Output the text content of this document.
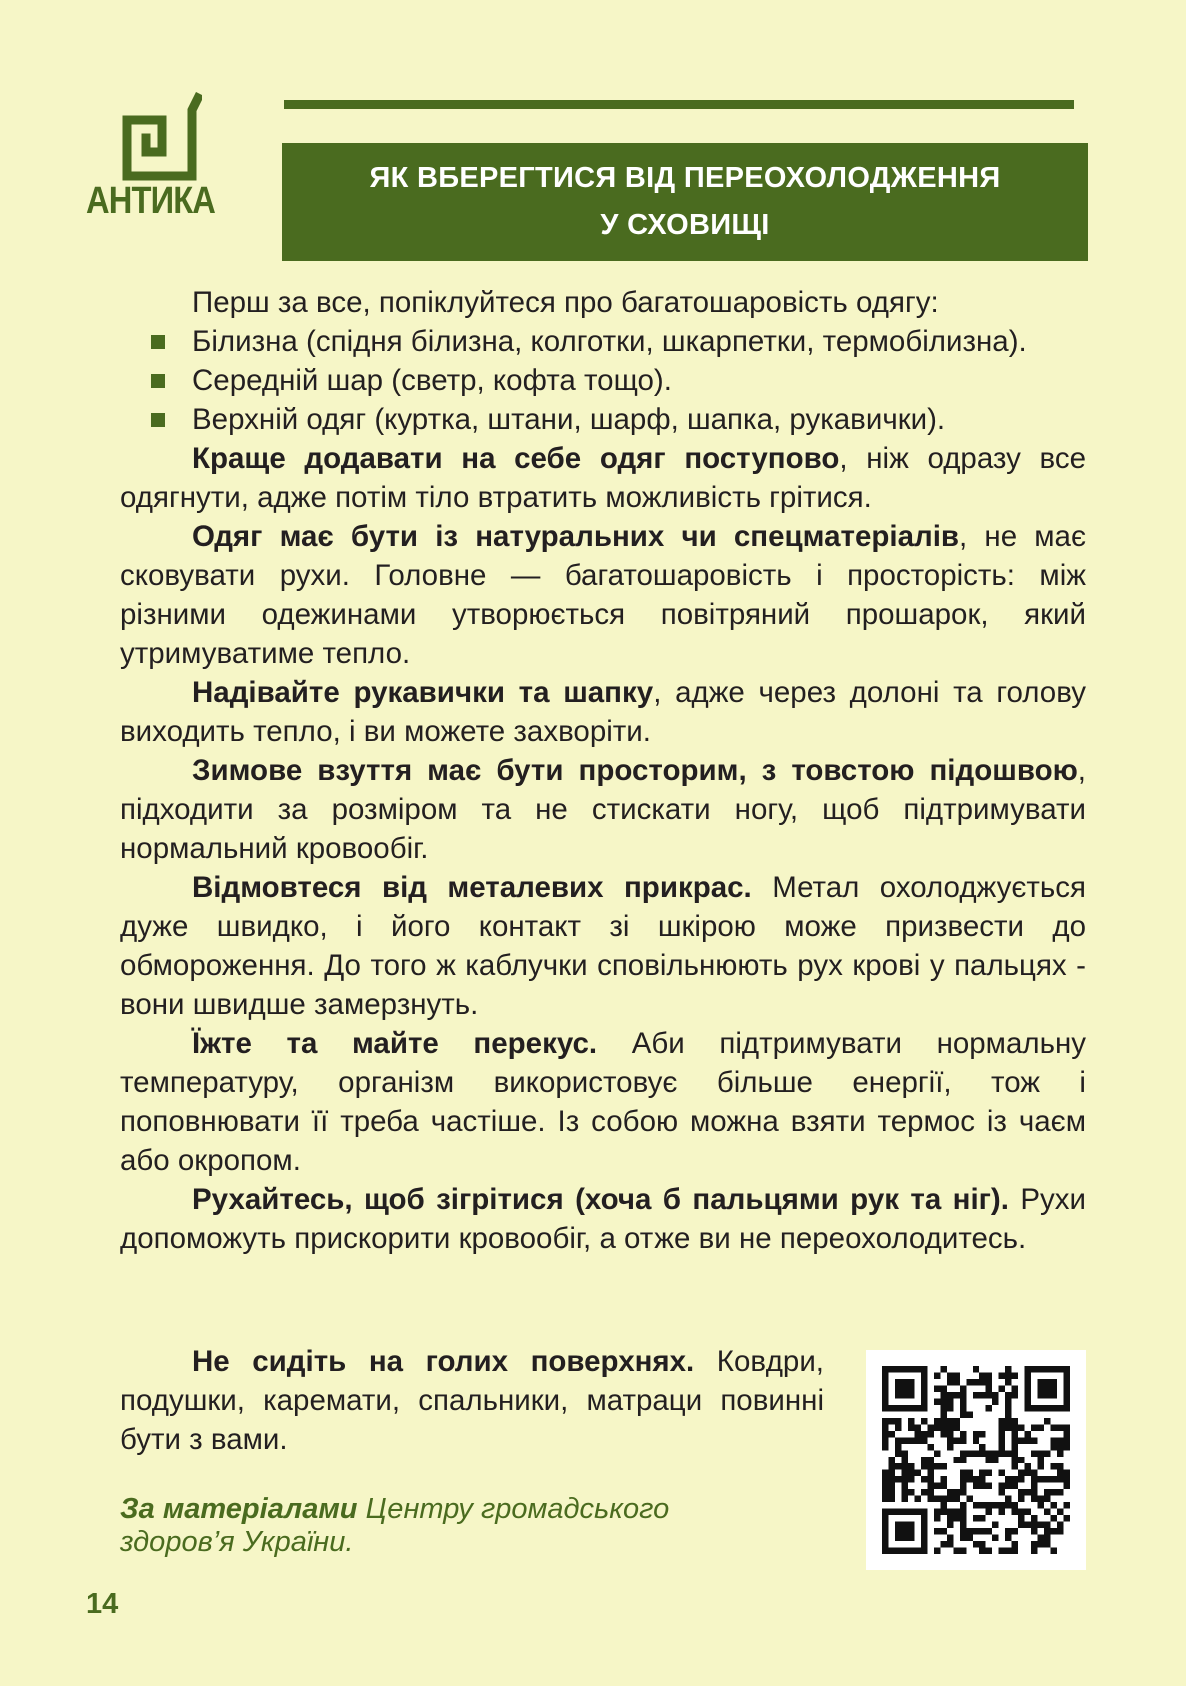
АНТИКА
ЯК ВБЕРЕГТИСЯ ВІД ПЕРЕОХОЛОДЖЕННЯ
У СХОВИЩІ

Перш за все, попіклуйтеся про багатошаровість одягу:

Білизна (спідня білизна, колготки, шкарпетки, термобілизна).

Середній шар (светр, кофта тощо).

Верхній одяг (куртка, штани, шарф, шапка, рукавички).

Краще додавати на себе одяг поступово, ніж одразу все одягнути, адже потім тіло втратить можливість грітися.

Одяг має бути із натуральних чи спецматеріалів, не має сковувати рухи. Головне — багатошаровість і просторість: між різними одежинами утворюється повітряний прошарок, який утримуватиме тепло.

Надівайте рукавички та шапку, адже через долоні та голову виходить тепло, і ви можете захворіти.

Зимове взуття має бути просторим, з товстою підошвою, підходити за розміром та не стискати ногу, щоб підтримувати нормальний кровообіг.

Відмовтеся від металевих прикрас. Метал охолоджується дуже швидко, і його контакт зі шкірою може призвести до обмороження. До того ж каблучки сповільнюють рух крові у пальцях - вони швидше замерзнуть.

Їжте та майте перекус. Аби підтримувати нормальну температуру, організм використовує більше енергії, тож і поповнювати її треба частіше. Із собою можна взяти термос із чаєм або окропом.

Рухайтесь, щоб зігрітися (хоча б пальцями рук та ніг). Рухи допоможуть прискорити кровообіг, а отже ви не переохолодитесь.

Не сидіть на голих поверхнях. Ковдри, подушки, каремати, спальники, матраци повинні бути з вами.

За матеріалами Центру громадського здоров’я України.
14
